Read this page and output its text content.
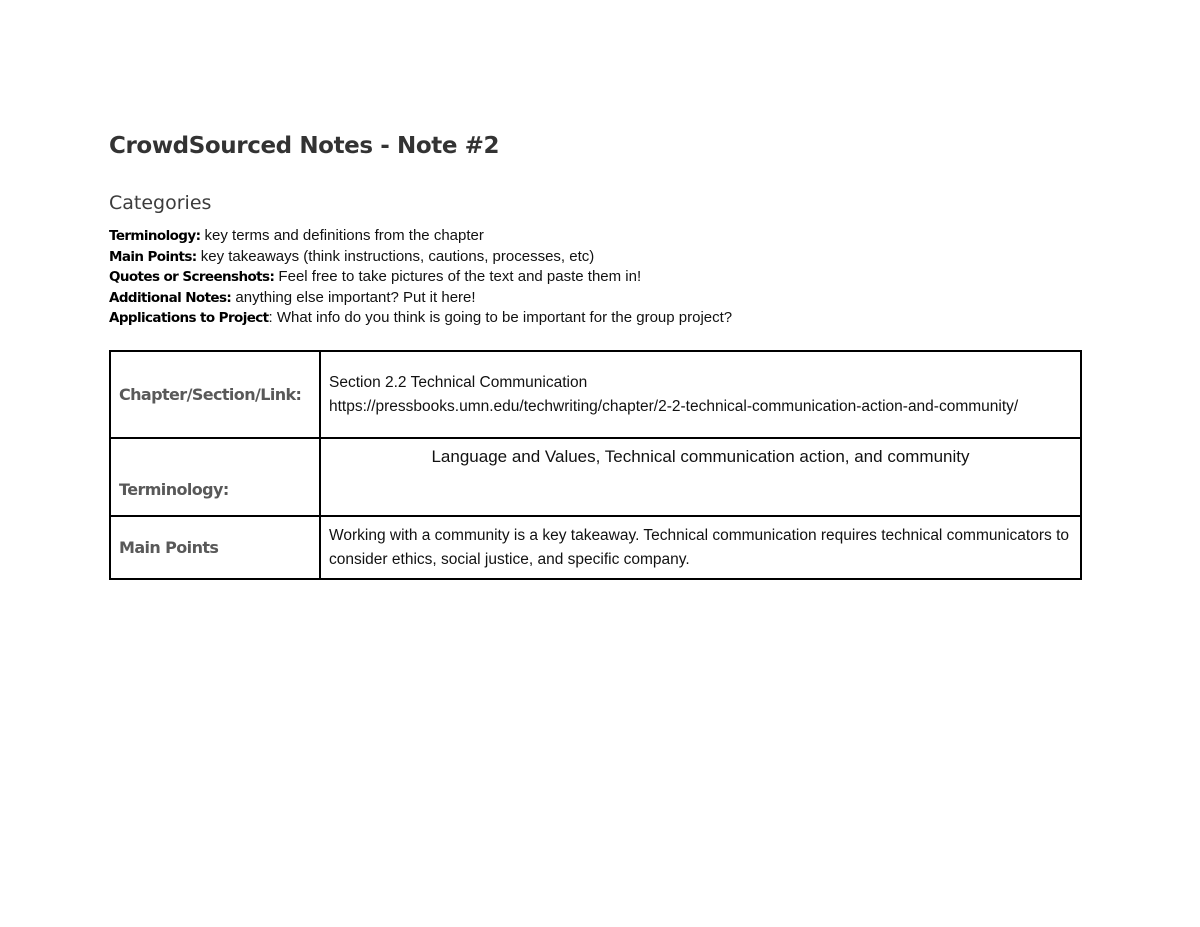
CrowdSourced Notes - Note #2
Categories
Terminology: key terms and definitions from the chapter
Main Points: key takeaways (think instructions, cautions, processes, etc)
Quotes or Screenshots: Feel free to take pictures of the text and paste them in!
Additional Notes: anything else important? Put it here!
Applications to Project: What info do you think is going to be important for the group project?
Chapter/Section/Link:	Section 2.2 Technical Communication
https://pressbooks.umn.edu/techwriting/chapter/2-2-technical-communication-action-and-community/

Terminology:	Language and Values, Technical communication action, and community
Main Points	Working with a community is a key takeaway. Technical communication requires technical communicators to consider ethics, social justice, and specific company.
